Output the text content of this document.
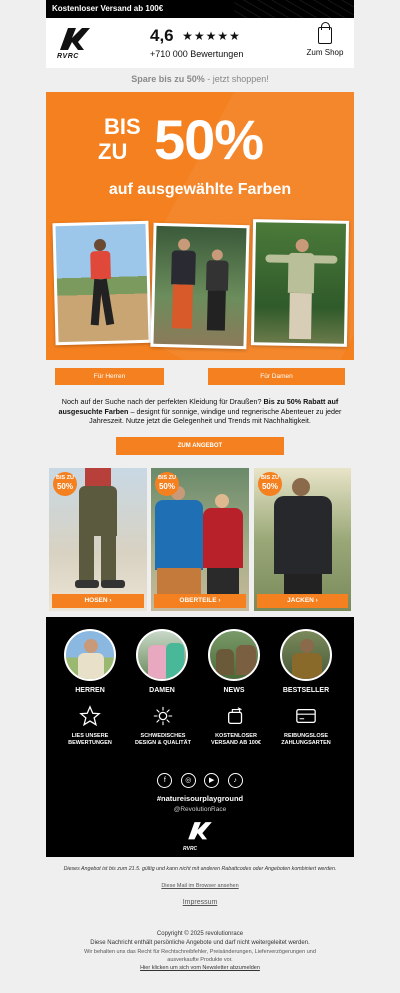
Kostenloser Versand ab 100€
RVRC
4,6 ★★★★★
+710 000 Bewertungen	Zum Shop
Spare bis zu 50% - jetzt shoppen!
BIS
ZU 50%
auf ausgewählte Farben
Für Herren	Für Damen
Noch auf der Suche nach der perfekten Kleidung für Draußen? Bis zu 50% Rabatt auf ausgesuchte Farben – designt für sonnige, windige und regnerische Abenteuer zu jeder Jahreszeit. Nutze jetzt die Gelegenheit und Trends mit Nachhaltigkeit.
ZUM ANGEBOT
BIS ZU
50%
HOSEN ›
BIS ZU
50%
OBERTEILE ›
BIS ZU
50%
JACKEN ›
HERREN	DAMEN	NEWS	BESTSELLER
LIES UNSERE
BEWERTUNGEN
SCHWEDISCHES
DESIGN & QUALITÄT
KOSTENLOSER
VERSAND AB 100€
REIBUNGSLOSE
ZAHLUNGSARTEN
f	◎	▶	♪
#natureisourplayground
@RevolutionRace
RVRC
Dieses Angebot ist bis zum 21.5. gültig und kann nicht mit anderen Rabattcodes oder Angeboten kombiniert werden.
Diese Mail im Browser ansehen
Impressum
Copyright © 2025 revolutionrace
Diese Nachricht enthält persönliche Angebote und darf nicht weitergeleitet werden.
Wir behalten uns das Recht für Rechtschreibfehler, Preisänderungen, Lieferverzögerungen und
ausverkaufte Produkte vor.
Hier klicken um sich vom Newsletter abzumelden
